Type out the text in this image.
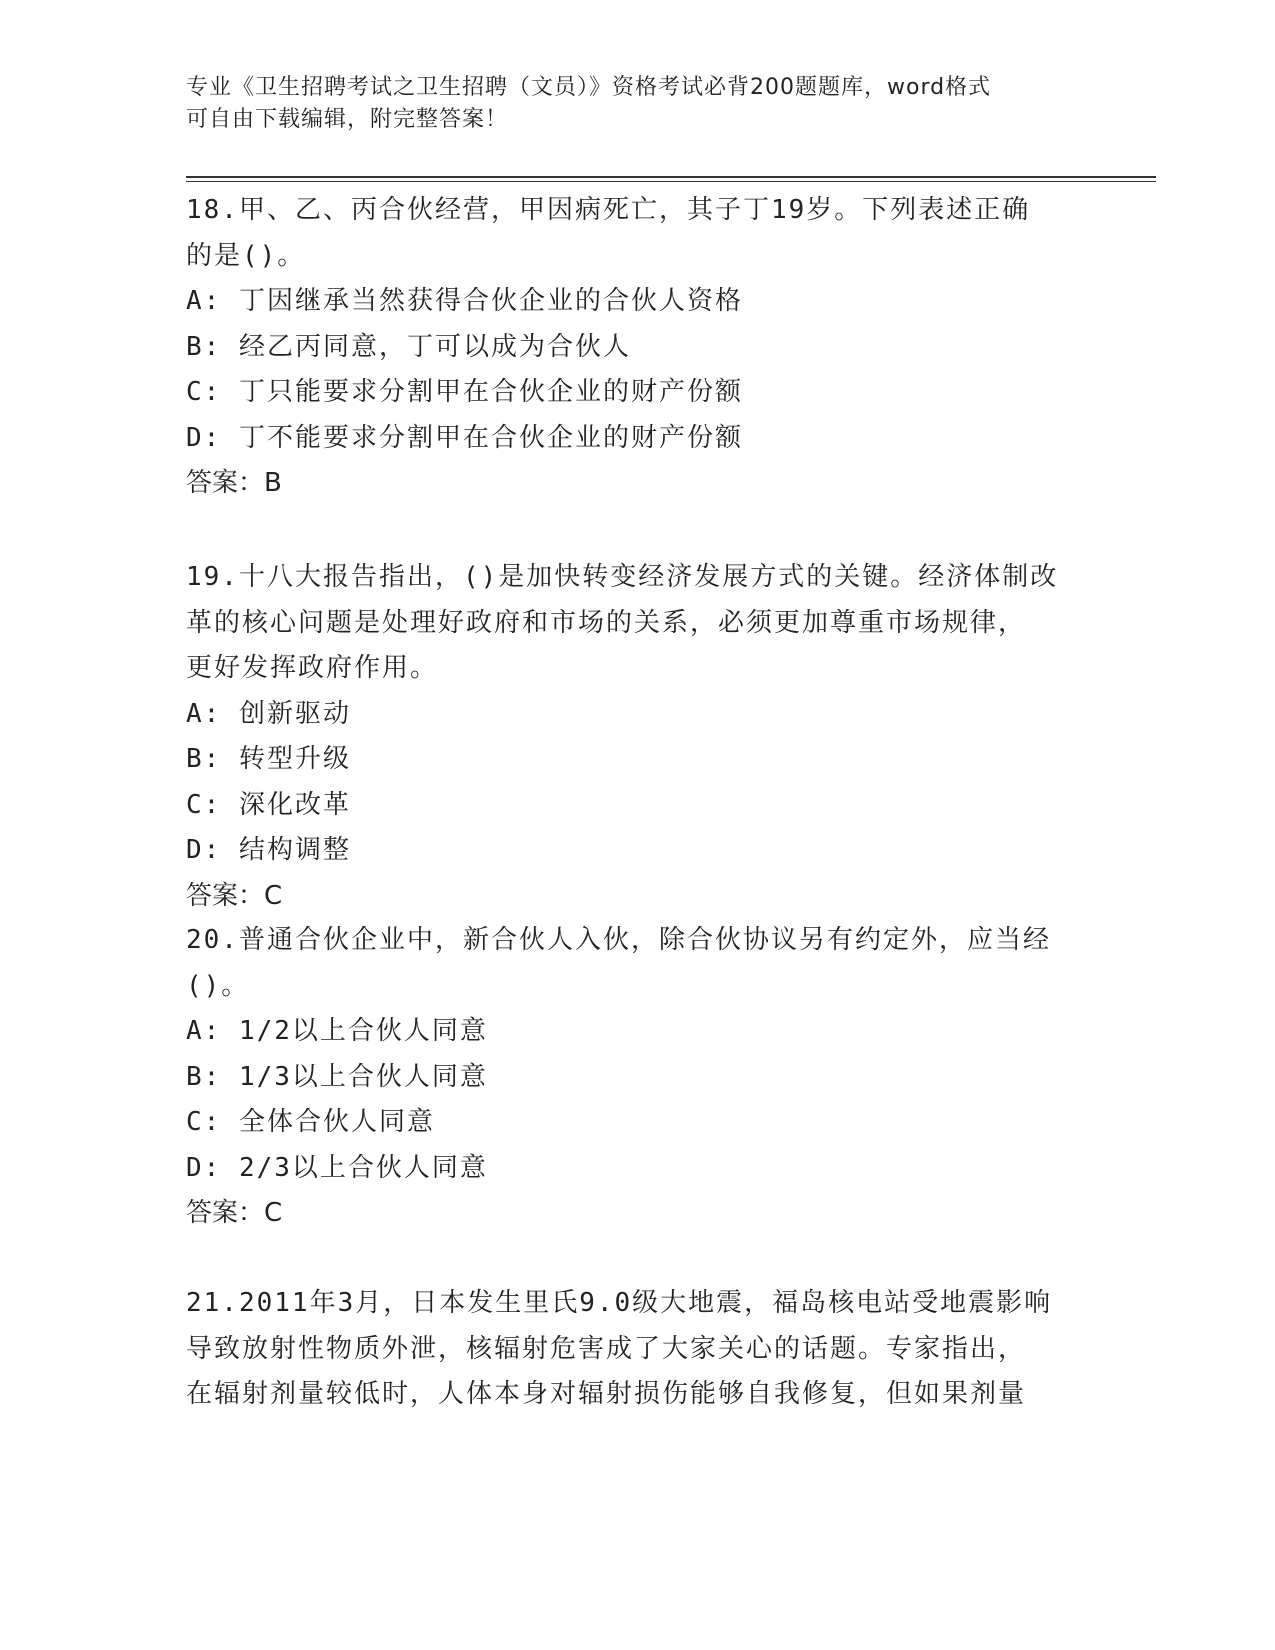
专业《卫生招聘考试之卫生招聘（文员）》资格考试必背200题题库，word格式
可自由下载编辑，附完整答案！
18.甲、乙、丙合伙经营，甲因病死亡，其子丁19岁。下列表述正确
的是()。
A: 丁因继承当然获得合伙企业的合伙人资格
B: 经乙丙同意，丁可以成为合伙人
C: 丁只能要求分割甲在合伙企业的财产份额
D: 丁不能要求分割甲在合伙企业的财产份额
答案：B
19.十八大报告指出，()是加快转变经济发展方式的关键。经济体制改
革的核心问题是处理好政府和市场的关系，必须更加尊重市场规律，
更好发挥政府作用。
A: 创新驱动
B: 转型升级
C: 深化改革
D: 结构调整
答案：C
20.普通合伙企业中，新合伙人入伙，除合伙协议另有约定外，应当经
()。
A: 1/2以上合伙人同意
B: 1/3以上合伙人同意
C: 全体合伙人同意
D: 2/3以上合伙人同意
答案：C
21.2011年3月，日本发生里氏9.0级大地震，福岛核电站受地震影响
导致放射性物质外泄，核辐射危害成了大家关心的话题。专家指出，
在辐射剂量较低时，人体本身对辐射损伤能够自我修复，但如果剂量
